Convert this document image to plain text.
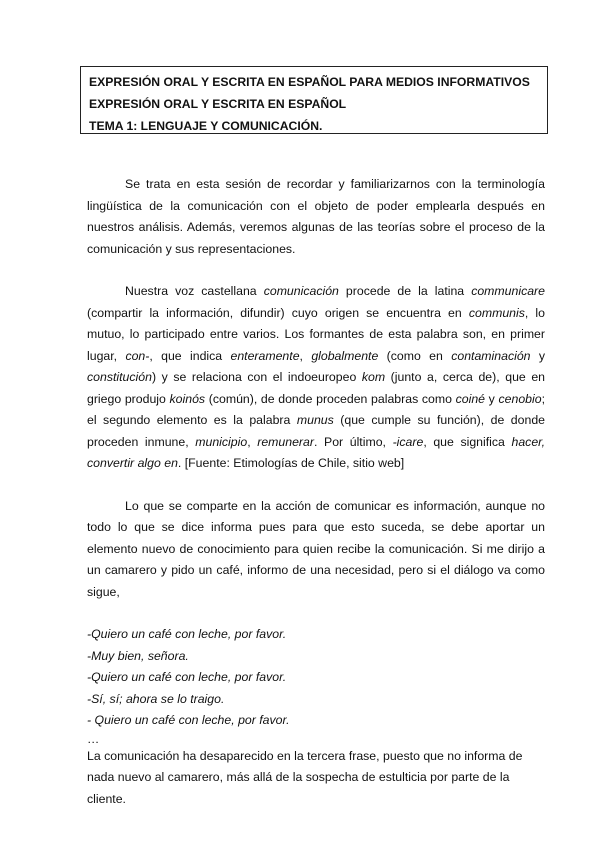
EXPRESIÓN ORAL Y ESCRITA EN ESPAÑOL PARA MEDIOS INFORMATIVOS
EXPRESIÓN ORAL Y ESCRITA EN ESPAÑOL
TEMA 1: LENGUAJE Y COMUNICACIÓN.

Se trata en esta sesión de recordar y familiarizarnos con la terminología lingüística de la comunicación con el objeto de poder emplearla después en nuestros análisis. Además, veremos algunas de las teorías sobre el proceso de la comunicación y sus representaciones.

Nuestra voz castellana comunicación procede de la latina communicare (compartir la información, difundir) cuyo origen se encuentra en communis, lo mutuo, lo participado entre varios. Los formantes de esta palabra son, en primer lugar, con-, que indica enteramente, globalmente (como en contaminación y constitución) y se relaciona con el indoeuropeo kom (junto a, cerca de), que en griego produjo koinós (común), de donde proceden palabras como coiné y cenobio; el segundo elemento es la palabra munus (que cumple su función), de donde proceden inmune, municipio, remunerar. Por último, -icare, que significa hacer, convertir algo en. [Fuente: Etimologías de Chile, sitio web]

Lo que se comparte en la acción de comunicar es información, aunque no todo lo que se dice informa pues para que esto suceda, se debe aportar un elemento nuevo de conocimiento para quien recibe la comunicación. Si me dirijo a un camarero y pido un café, informo de una necesidad, pero si el diálogo va como sigue,

-Quiero un café con leche, por favor.
-Muy bien, señora.
-Quiero un café con leche, por favor.
-Sí, sí; ahora se lo traigo.
- Quiero un café con leche, por favor.
…

La comunicación ha desaparecido en la tercera frase, puesto que no informa de nada nuevo al camarero, más allá de la sospecha de estulticia por parte de la cliente.
